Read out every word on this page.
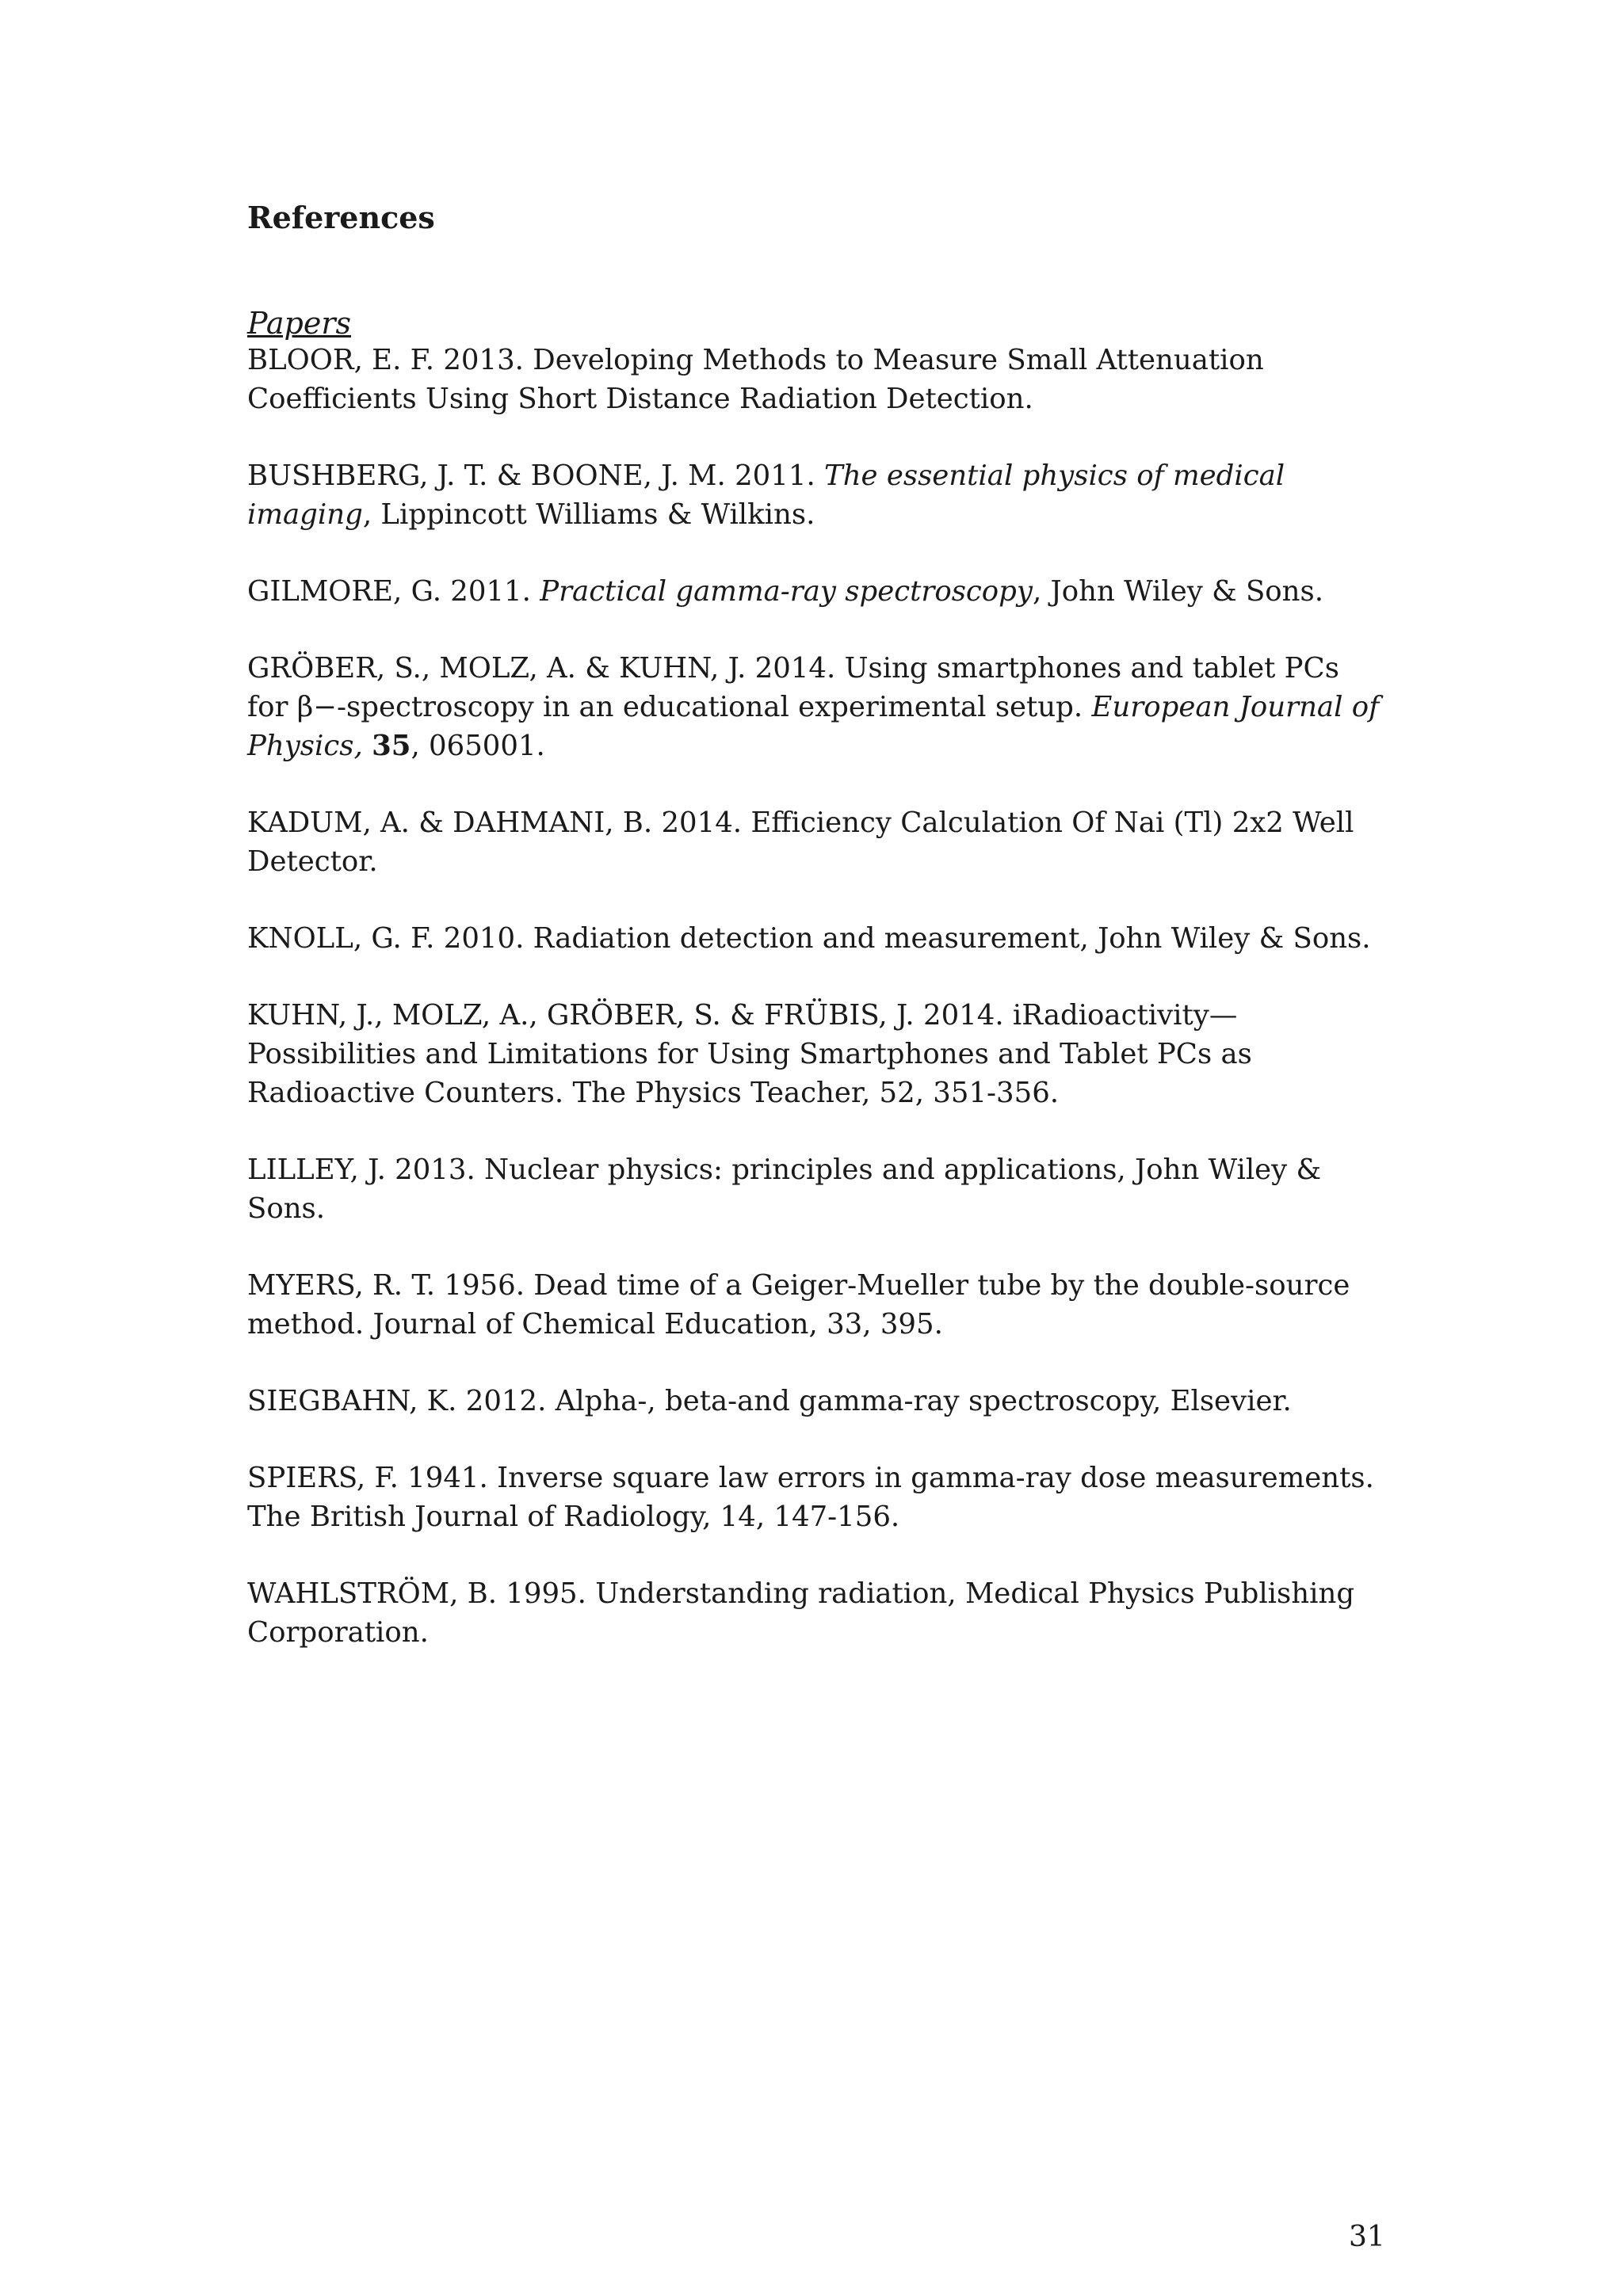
References

Papers

BLOOR, E. F. 2013. Developing Methods to Measure Small Attenuation Coefficients Using Short Distance Radiation Detection.
BUSHBERG, J. T. & BOONE, J. M. 2011. The essential physics of medical imaging, Lippincott Williams & Wilkins.
GILMORE, G. 2011. Practical gamma-ray spectroscopy, John Wiley & Sons.
GRÖBER, S., MOLZ, A. & KUHN, J. 2014. Using smartphones and tablet PCs for β−-spectroscopy in an educational experimental setup. European Journal of Physics, 35, 065001.
KADUM, A. & DAHMANI, B. 2014. Efficiency Calculation Of Nai (Tl) 2x2 Well Detector.
KNOLL, G. F. 2010. Radiation detection and measurement, John Wiley & Sons.
KUHN, J., MOLZ, A., GRÖBER, S. & FRÜBIS, J. 2014. iRadioactivity—Possibilities and Limitations for Using Smartphones and Tablet PCs as Radioactive Counters. The Physics Teacher, 52, 351-356.
LILLEY, J. 2013. Nuclear physics: principles and applications, John Wiley & Sons.
MYERS, R. T. 1956. Dead time of a Geiger-Mueller tube by the double-source method. Journal of Chemical Education, 33, 395.
SIEGBAHN, K. 2012. Alpha-, beta-and gamma-ray spectroscopy, Elsevier.
SPIERS, F. 1941. Inverse square law errors in gamma-ray dose measurements. The British Journal of Radiology, 14, 147-156.
WAHLSTRÖM, B. 1995. Understanding radiation, Medical Physics Publishing Corporation.

31
